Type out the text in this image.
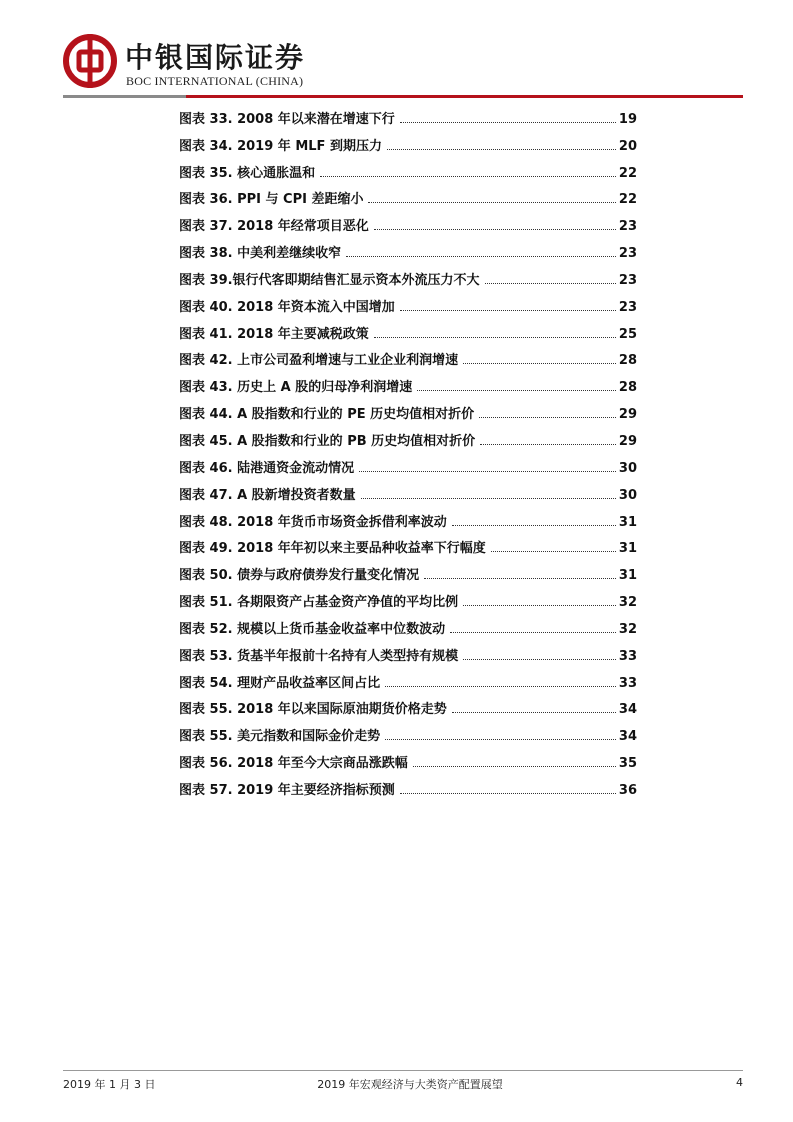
中银国际证券
BOC INTERNATIONAL (CHINA)
图表 33. 2008 年以来潜在增速下行	19
图表 34. 2019 年 MLF 到期压力	20
图表 35. 核心通胀温和	22
图表 36. PPI 与 CPI 差距缩小	22
图表 37. 2018 年经常项目恶化	23
图表 38. 中美利差继续收窄	23
图表 39.银行代客即期结售汇显示资本外流压力不大	23
图表 40. 2018 年资本流入中国增加	23
图表 41. 2018 年主要减税政策	25
图表 42. 上市公司盈利增速与工业企业利润增速	28
图表 43. 历史上 A 股的归母净利润增速	28
图表 44. A 股指数和行业的 PE 历史均值相对折价	29
图表 45. A 股指数和行业的 PB 历史均值相对折价	29
图表 46. 陆港通资金流动情况	30
图表 47. A 股新增投资者数量	30
图表 48. 2018 年货币市场资金拆借利率波动	31
图表 49. 2018 年年初以来主要品种收益率下行幅度	31
图表 50. 债券与政府债券发行量变化情况	31
图表 51. 各期限资产占基金资产净值的平均比例	32
图表 52. 规模以上货币基金收益率中位数波动	32
图表 53. 货基半年报前十名持有人类型持有规模	33
图表 54. 理财产品收益率区间占比	33
图表 55. 2018 年以来国际原油期货价格走势	34
图表 55. 美元指数和国际金价走势	34
图表 56. 2018 年至今大宗商品涨跌幅	35
图表 57. 2019 年主要经济指标预测	36
2019 年 1 月 3 日	2019 年宏观经济与大类资产配置展望	4
